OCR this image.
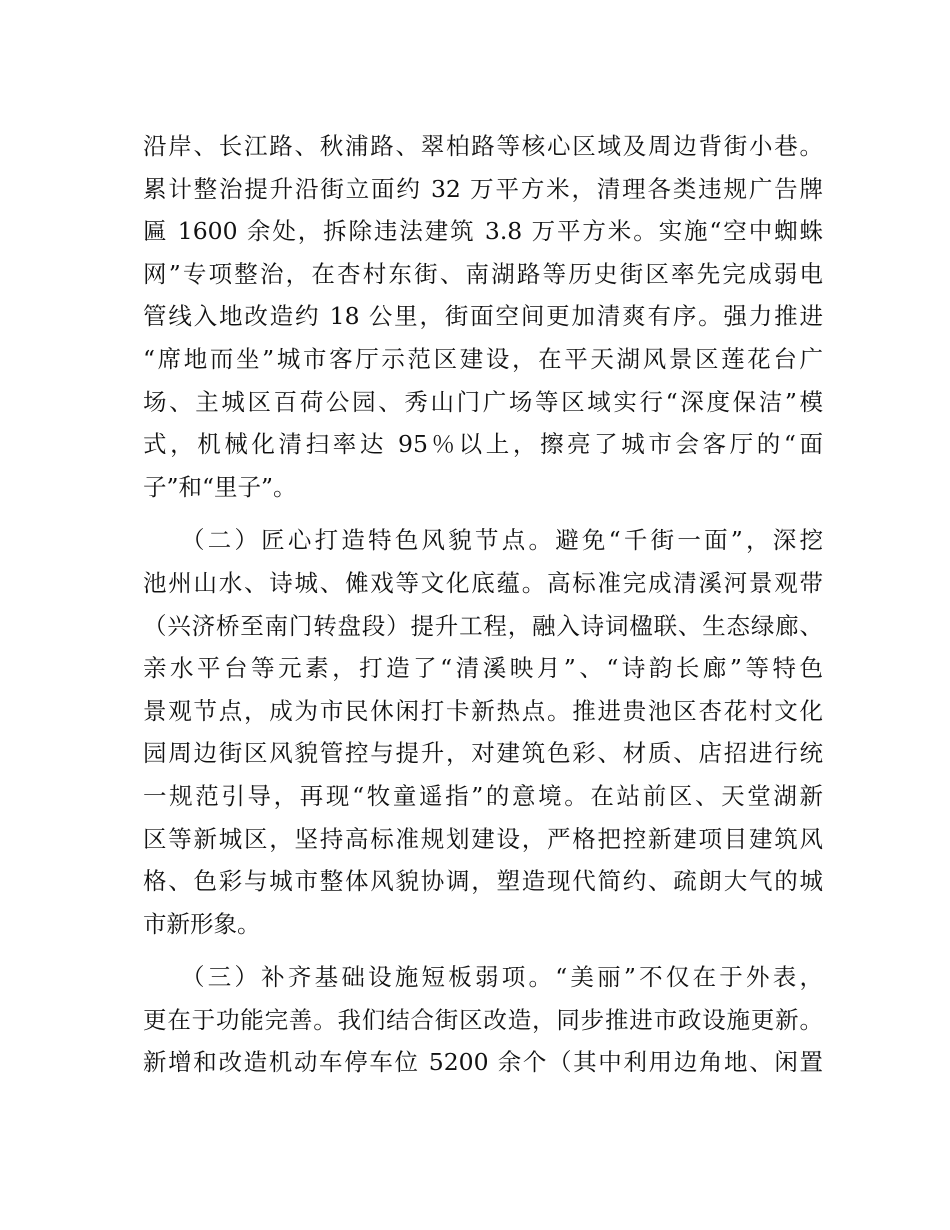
沿岸、长江路、秋浦路、翠柏路等核心区域及周边背街小巷。
累计整治提升沿街立面约 32 万平方米，清理各类违规广告牌
匾 1600 余处，拆除违法建筑 3.8 万平方米。实施“空中蜘蛛
网”专项整治，在杏村东街、南湖路等历史街区率先完成弱电
管线入地改造约 18 公里，街面空间更加清爽有序。强力推进
“席地而坐”城市客厅示范区建设，在平天湖风景区莲花台广
场、主城区百荷公园、秀山门广场等区域实行“深度保洁”模
式，机械化清扫率达 95％以上，擦亮了城市会客厅的“面
子”和“里子”。
（二）匠心打造特色风貌节点。避免“千街一面”，深挖
池州山水、诗城、傩戏等文化底蕴。高标准完成清溪河景观带
（兴济桥至南门转盘段）提升工程，融入诗词楹联、生态绿廊、
亲水平台等元素，打造了“清溪映月”、“诗韵长廊”等特色
景观节点，成为市民休闲打卡新热点。推进贵池区杏花村文化
园周边街区风貌管控与提升，对建筑色彩、材质、店招进行统
一规范引导，再现“牧童遥指”的意境。在站前区、天堂湖新
区等新城区，坚持高标准规划建设，严格把控新建项目建筑风
格、色彩与城市整体风貌协调，塑造现代简约、疏朗大气的城
市新形象。
（三）补齐基础设施短板弱项。“美丽”不仅在于外表，
更在于功能完善。我们结合街区改造，同步推进市政设施更新。
新增和改造机动车停车位 5200 余个（其中利用边角地、闲置
